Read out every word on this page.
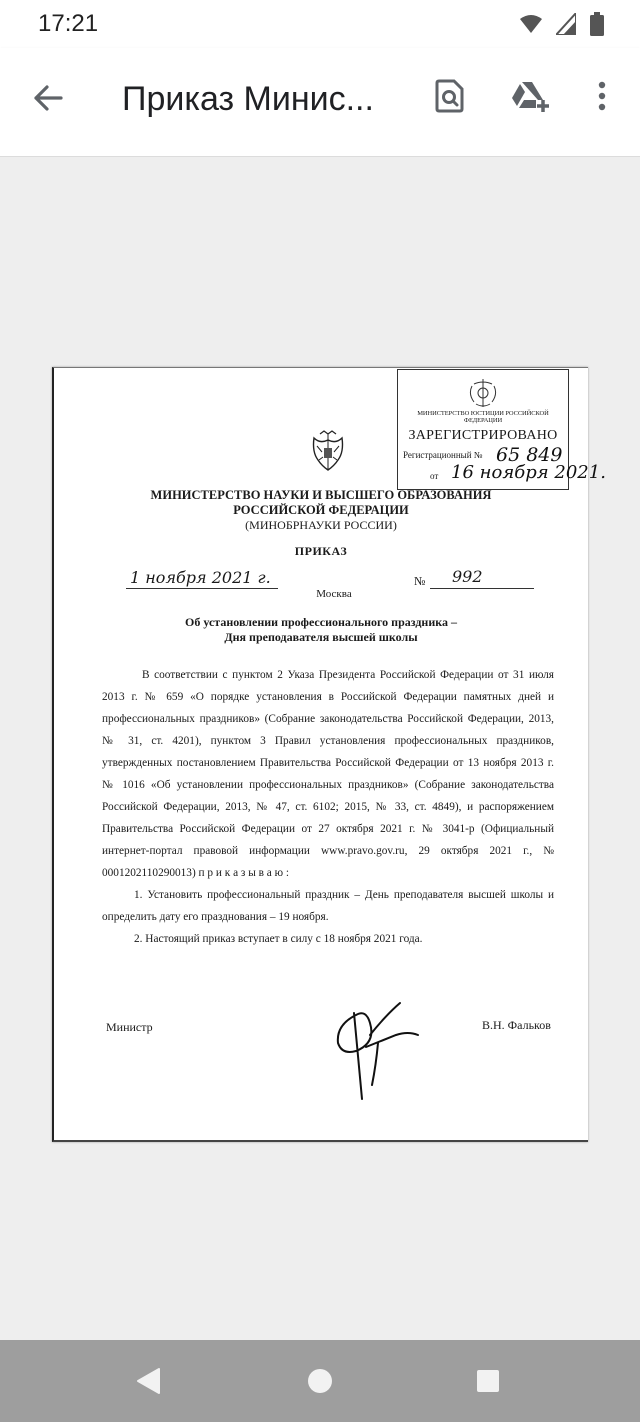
17:21
Приказ Минис...
МИНИСТЕРСТВО ЮСТИЦИИ РОССИЙСКОЙ ФЕДЕРАЦИИ
ЗАРЕГИСТРИРОВАНО
Регистрационный № 65 849
от 16 ноября 2021.
МИНИСТЕРСТВО НАУКИ И ВЫСШЕГО ОБРАЗОВАНИЯ
РОССИЙСКОЙ ФЕДЕРАЦИИ
(МИНОБРНАУКИ РОССИИ)
ПРИКАЗ
1 ноября 2021 г.	№ 992
Москва
Об установлении профессионального праздника –
Дня преподавателя высшей школы

В соответствии с пунктом 2 Указа Президента Российской Федерации от 31 июля 2013 г. № 659 «О порядке установления в Российской Федерации памятных дней и профессиональных праздников» (Собрание законодательства Российской Федерации, 2013, № 31, ст. 4201), пунктом 3 Правил установления профессиональных праздников, утвержденных постановлением Правительства Российской Федерации от 13 ноября 2013 г. № 1016 «Об установлении профессиональных праздников» (Собрание законодательства Российской Федерации, 2013, № 47, ст. 6102; 2015, № 33, ст. 4849), и распоряжением Правительства Российской Федерации от 27 октября 2021 г. № 3041-р (Официальный интернет-портал правовой информации www.pravo.gov.ru, 29 октября 2021 г., № 0001202110290013) п р и к а з ы в а ю :

1. Установить профессиональный праздник – День преподавателя высшей школы и определить дату его празднования – 19 ноября.

2. Настоящий приказ вступает в силу с 18 ноября 2021 года.

Министр	В.Н. Фальков
